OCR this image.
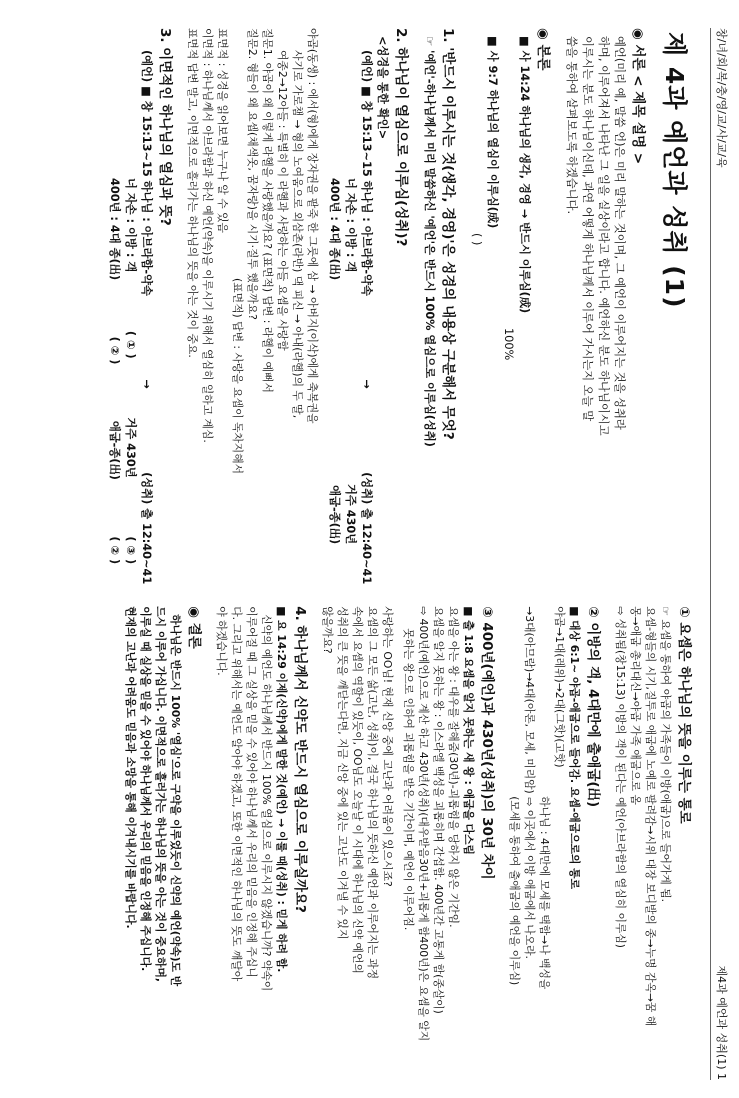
창/녀/회/복/충/영/교/사/교/육
제4과 예언과 성취(1) 1
제 4과 예언과 성취 (1)
◉ 서론 < 제목 설명 >

예언(미리 예, 말씀 언)은 미리 말하는 것이며, 그 예언이 이루어지는 것을 성취라

하며, 이루어져서 나타난 그 일을 실상이라고 합니다. 예언하신 분도 하나님이시고

이루시는 분도 하나님이신데, 과연 어떻게 하나님께서 이루어 가시는지 오늘 말

씀을 통하여 살펴보도록 하겠습니다.

◉ 본론

■ 사 14:24 하나님의 생각, 경영 → 반드시 이루심(成)

100%

■ 사 9:7 하나님의 열심이 이루심(成)

( )

1. '반드시 이루시는 것(생각, 경영)'은 성경의 내용상 구분해서 무엇?

☞ '예언'-하나님께서 미리 말씀하신 '예언'은 반드시 100% 열심으로 이루심(성취)

2. 하나님이 열심으로 이루심(성취)?

<성경을 통한 확인>

(예언) ■ 창 15:13~15 하나님 : 아브라함-약속
→
(성취) 출 12:40~41
너 자손 : 이방 : 객
거주 430년
400년 : 4대 종(出)
애굽-종(出)

야곱(동생) : 에서(형)에게 장자권을 팥죽 한 그릇에 삼 → 아버지(이삭)에게 축복권을

사기로 가로챔 → 형의 노여움으로 외삼촌(라반) 댁 피신 → 아내(라헬)의 두 딸,

여종2→12아들 : 특별히 이 라헬과 사랑하는 아들 요셉을 사랑함

질문1. 야곱이 왜 이렇게 라헬을 사랑했을까요? (표면적) 답변 : 라헬이 예뻐서

질문2. 형들이 왜 요셉(채색옷, 꿈자랑)을 시기·질투 했을까요?

(표면적) 답변 : 사랑을 요셉이 독차지해서

표면적 : 성경을 읽어보면 누구나 알 수 있음

이면적 : 하나님께서 아브라함과 하신 예언(약속)을 이루시기 위해서 열심히 일하고 계심.

표면적 답변 말고, 이면적으로 흘러가는 하나님의 뜻을 아는 것이 중요.

3. 이면적인 하나님의 열심과 뜻?
(예언) ■ 창 15:13~15 하나님 : 아브라함-약속
→
(성취) 출 12:40~41
너 자손 : 이방 : 객
( ① )
거주 430년
( ③ )
400년 : 4대 종(出)
( ② )
애굽-종(出)
( ② )
① 요셉은 하나님의 뜻을 이루는 통로

☞ 요셉을 통하여 야곱의 가족들이 이방(애굽)으로 들어가게 됨.

요셉-형들의 시기,질투로 애굽에 노예로 팔려감→시위 대장 보디발의 종→누명 감옥→꿈 해

몽→애굽 총리대신→야곱 가족 애굽으로 옴

⇨ 성취됨(창15:13) 이방의 객이 된다는 예언(아브라함의 열심히 이루심)

② 이방의 객, 4대만에 출애굽(出)

■ 대상 6:1~ 야곱-애굽으로 들어감. 요셉-애굽으로의 통로

야곱→1대(레위)→2대(그핫)(고핫)

하나님 : 4대만에 모세를 택함→나 백성을

→3대(아므람)→4대(아론, 모세, 미리암) ⇨ 이곳에서 이방 애굽에서 나오라.

(모세를 통하여 출애굽의 예언을 이루심)

③ 400년(예언)과 430년(성취)의 30년 차이

■ 출 1:8 요셉을 알지 못하는 새 왕 : 애굽을 다스림

요셉을 아는 왕 : 대우를 잘해줌(30년)-괴롭힘을 당하지 않은 기간임.

요셉을 알지 못하는 왕 : 이스라엘 백성을 괴롭히며 간섭함. 400년간 고통게 함(종살이)

⇨ 400년(예언)으로 계산 하고 430년(성취)(대우받음30년+괴롭게 함400년)은 요셉을 알지

못하는 왕으로 인하여 괴롭힘을 받은 기간이며, 예언이 이루어짐.

사랑하는 OO님! 현재 신앙 중에 고난과 어려움이 있으시죠?

요셉의 그 모든 삶(고난, 성취)이, 결국 하나님의 뜻하신 예언과 이루어지는 과정

속에서 요셉의 역할이 있듯이, OO님도 오늘날 이 시대에 하나님의 신약 예언의

성취의 큰 뜻을 깨닫는다면, 지금 신앙 중에 있는 고난도 이겨낼 수 있지

않을까요?

4. 하나님께서 신약도 반드시 열심으로 이루실까요?

■ 요 14:29 이제(신약)에게 말한 것(예언) → 이룰 때(성취) : 믿게 하려 함.

신약의 예언도 하나님께서 반드시 100% 열심으로 이루시지 않겠습니까? 약속이

이루어질 때 그 실상을 믿을 수 있어야 하나님께서 우리의 믿음을 인정해 주십니

다. 그리고 위해서는 예언도 알아야 하겠고, 또한 이면적인 하나님의 뜻도 깨달아

야 하겠습니다.

◉ 결론

하나님은 반드시 100% '열심'으로 구약을 이루었듯이 신약의 예언(약속)도 반

드시 이루어 가십니다. 이면적으로 흘러가는 하나님의 뜻을 아는 것이 중요하며,

이루실 때 실상을 믿을 수 있어야 하나님께서 우리의 믿음을 인정해 주십니다.

현재의 고난과 어려움도 믿음과 소망을 통해 이겨내시기를 바랍니다.
